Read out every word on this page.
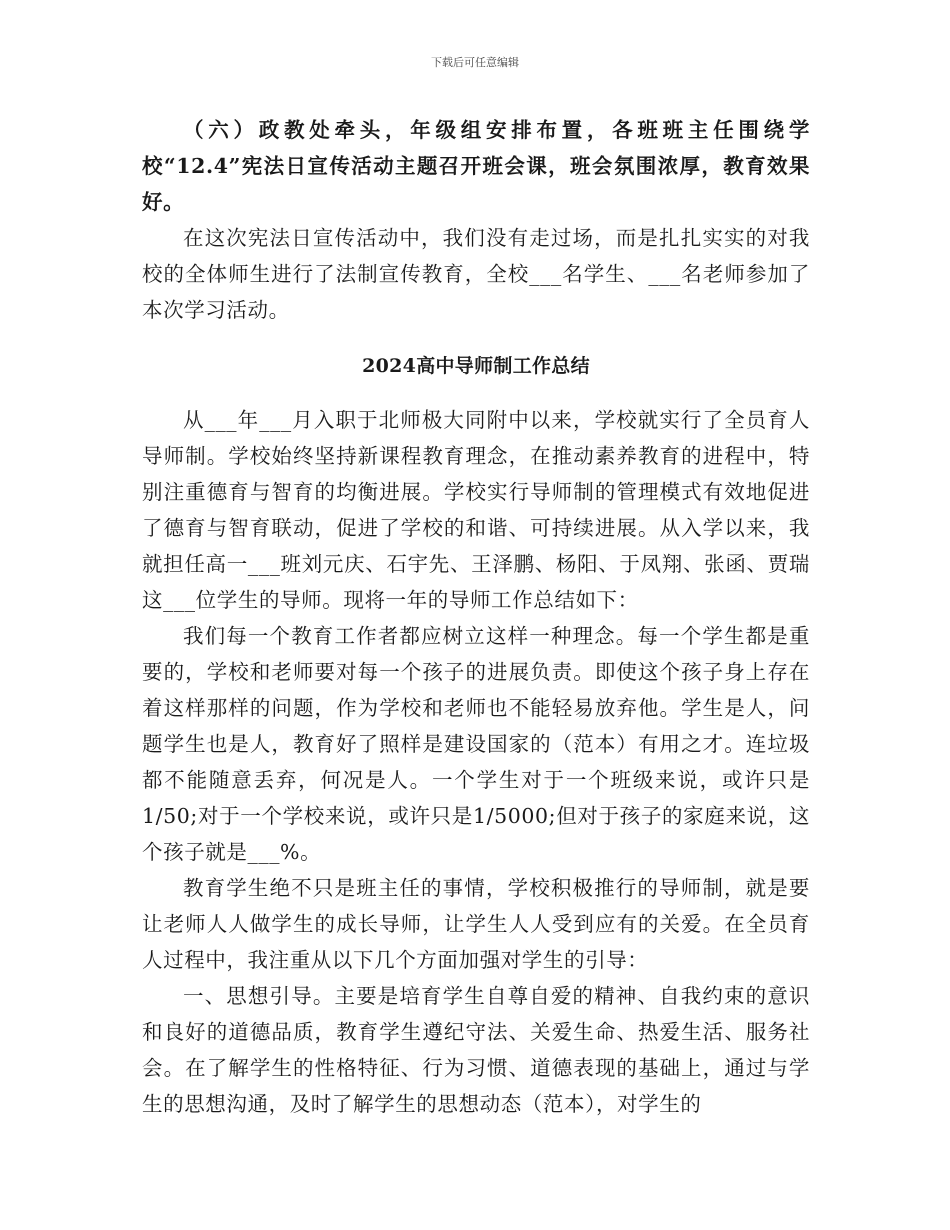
下载后可任意编辑

（六）政教处牵头，年级组安排布置，各班班主任围绕学校“12.4”宪法日宣传活动主题召开班会课，班会氛围浓厚，教育效果好。

在这次宪法日宣传活动中，我们没有走过场，而是扎扎实实的对我校的全体师生进行了法制宣传教育，全校___名学生、___名老师参加了本次学习活动。

2024高中导师制工作总结

从___年___月入职于北师极大同附中以来，学校就实行了全员育人导师制。学校始终坚持新课程教育理念，在推动素养教育的进程中，特别注重德育与智育的均衡进展。学校实行导师制的管理模式有效地促进了德育与智育联动，促进了学校的和谐、可持续进展。从入学以来，我就担任高一___班刘元庆、石宇先、王泽鹏、杨阳、于凤翔、张函、贾瑞这___位学生的导师。现将一年的导师工作总结如下：

我们每一个教育工作者都应树立这样一种理念。每一个学生都是重要的，学校和老师要对每一个孩子的进展负责。即使这个孩子身上存在着这样那样的问题，作为学校和老师也不能轻易放弃他。学生是人，问题学生也是人，教育好了照样是建设国家的（范本）有用之才。连垃圾都不能随意丢弃，何况是人。一个学生对于一个班级来说，或许只是1/50;对于一个学校来说，或许只是1/5000;但对于孩子的家庭来说，这个孩子就是___%。

教育学生绝不只是班主任的事情，学校积极推行的导师制，就是要让老师人人做学生的成长导师，让学生人人受到应有的关爱。在全员育人过程中，我注重从以下几个方面加强对学生的引导：

一、思想引导。主要是培育学生自尊自爱的精神、自我约束的意识和良好的道德品质，教育学生遵纪守法、关爱生命、热爱生活、服务社会。在了解学生的性格特征、行为习惯、道德表现的基础上，通过与学生的思想沟通，及时了解学生的思想动态（范本），对学生的
